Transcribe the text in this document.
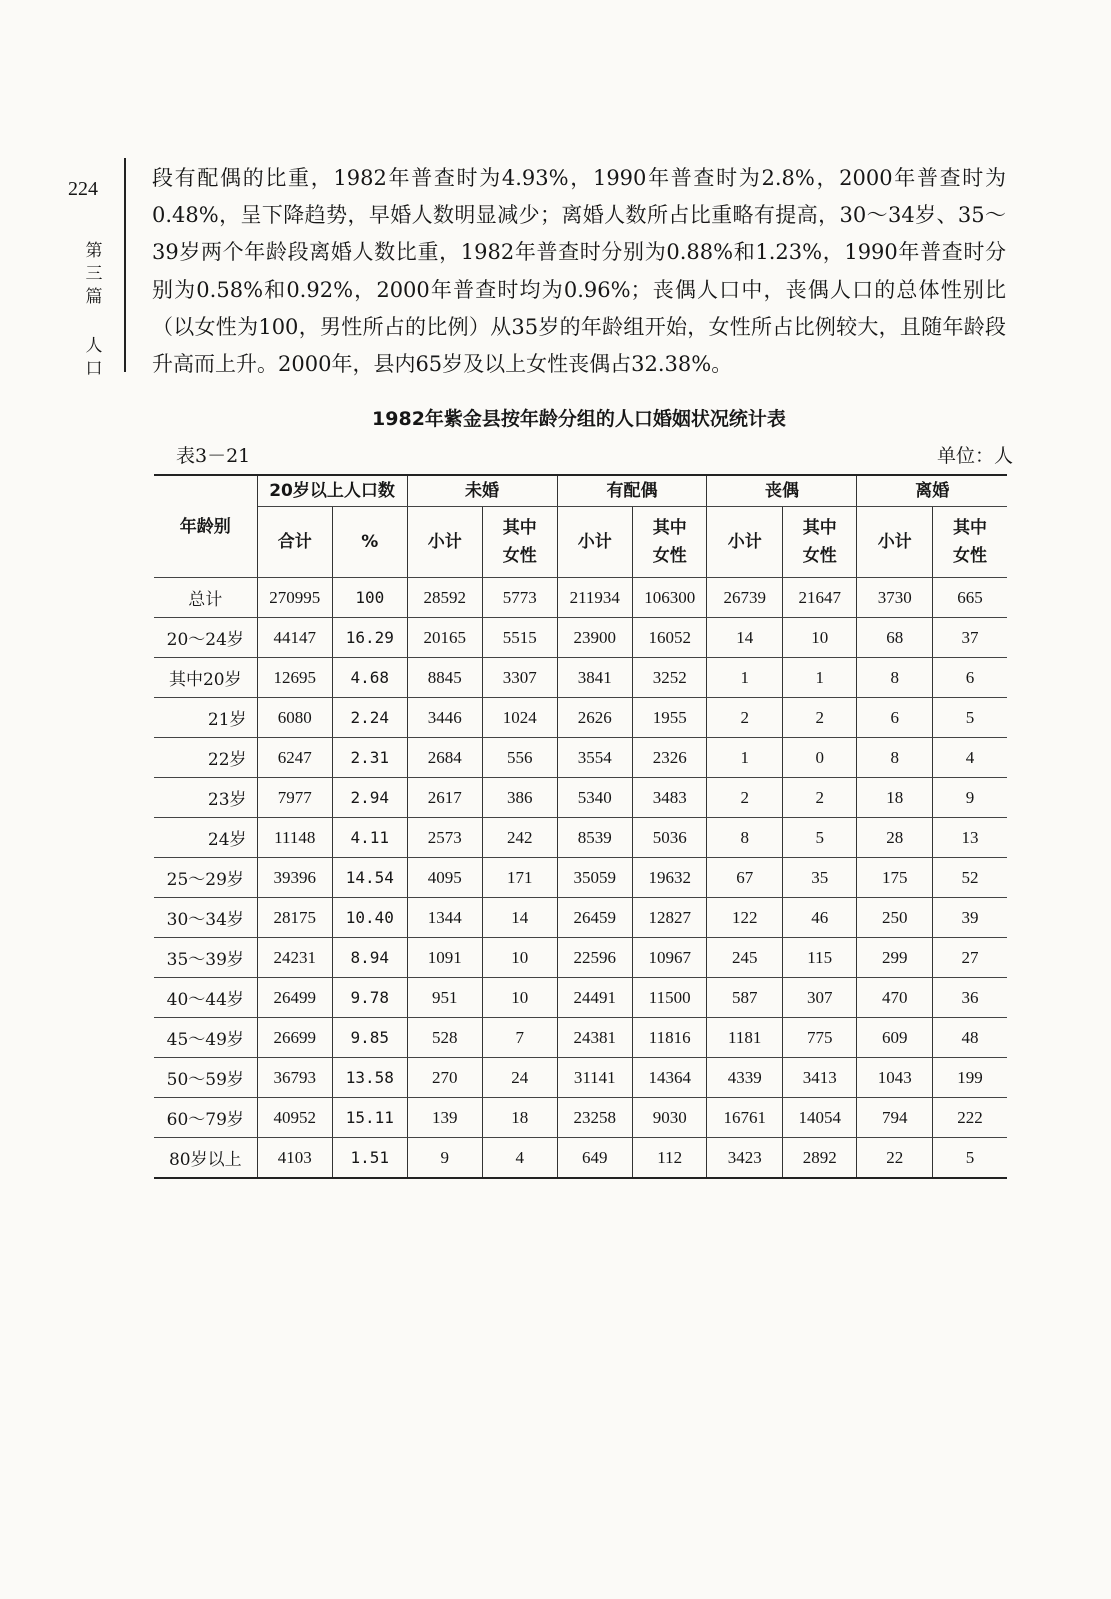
224
第三篇
人口

段有配偶的比重，1982年普查时为4.93%，1990年普查时为2.8%，2000年普查时为0.48%，呈下降趋势，早婚人数明显减少；离婚人数所占比重略有提高，30～34岁、35～39岁两个年龄段离婚人数比重，1982年普查时分别为0.88%和1.23%，1990年普查时分别为0.58%和0.92%，2000年普查时均为0.96%；丧偶人口中，丧偶人口的总体性别比（以女性为100，男性所占的比例）从35岁的年龄组开始，女性所占比例较大，且随年龄段升高而上升。2000年，县内65岁及以上女性丧偶占32.38%。

1982年紫金县按年龄分组的人口婚姻状况统计表
表3－21	单位：人
年龄别	20岁以上人口数		未婚		有配偶		丧偶		离婚	
	合计	%	小计	其中
女性	小计	其中
女性	小计	其中
女性	小计	其中
女性
总计	270995	100	28592	5773	211934	106300	26739	21647	3730	665
20～24岁	44147	16.29	20165	5515	23900	16052	14	10	68	37
其中20岁	12695	4.68	8845	3307	3841	3252	1	1	8	6
21岁	6080	2.24	3446	1024	2626	1955	2	2	6	5
22岁	6247	2.31	2684	556	3554	2326	1	0	8	4
23岁	7977	2.94	2617	386	5340	3483	2	2	18	9
24岁	11148	4.11	2573	242	8539	5036	8	5	28	13
25～29岁	39396	14.54	4095	171	35059	19632	67	35	175	52
30～34岁	28175	10.40	1344	14	26459	12827	122	46	250	39
35～39岁	24231	8.94	1091	10	22596	10967	245	115	299	27
40～44岁	26499	9.78	951	10	24491	11500	587	307	470	36
45～49岁	26699	9.85	528	7	24381	11816	1181	775	609	48
50～59岁	36793	13.58	270	24	31141	14364	4339	3413	1043	199
60～79岁	40952	15.11	139	18	23258	9030	16761	14054	794	222
80岁以上	4103	1.51	9	4	649	112	3423	2892	22	5
